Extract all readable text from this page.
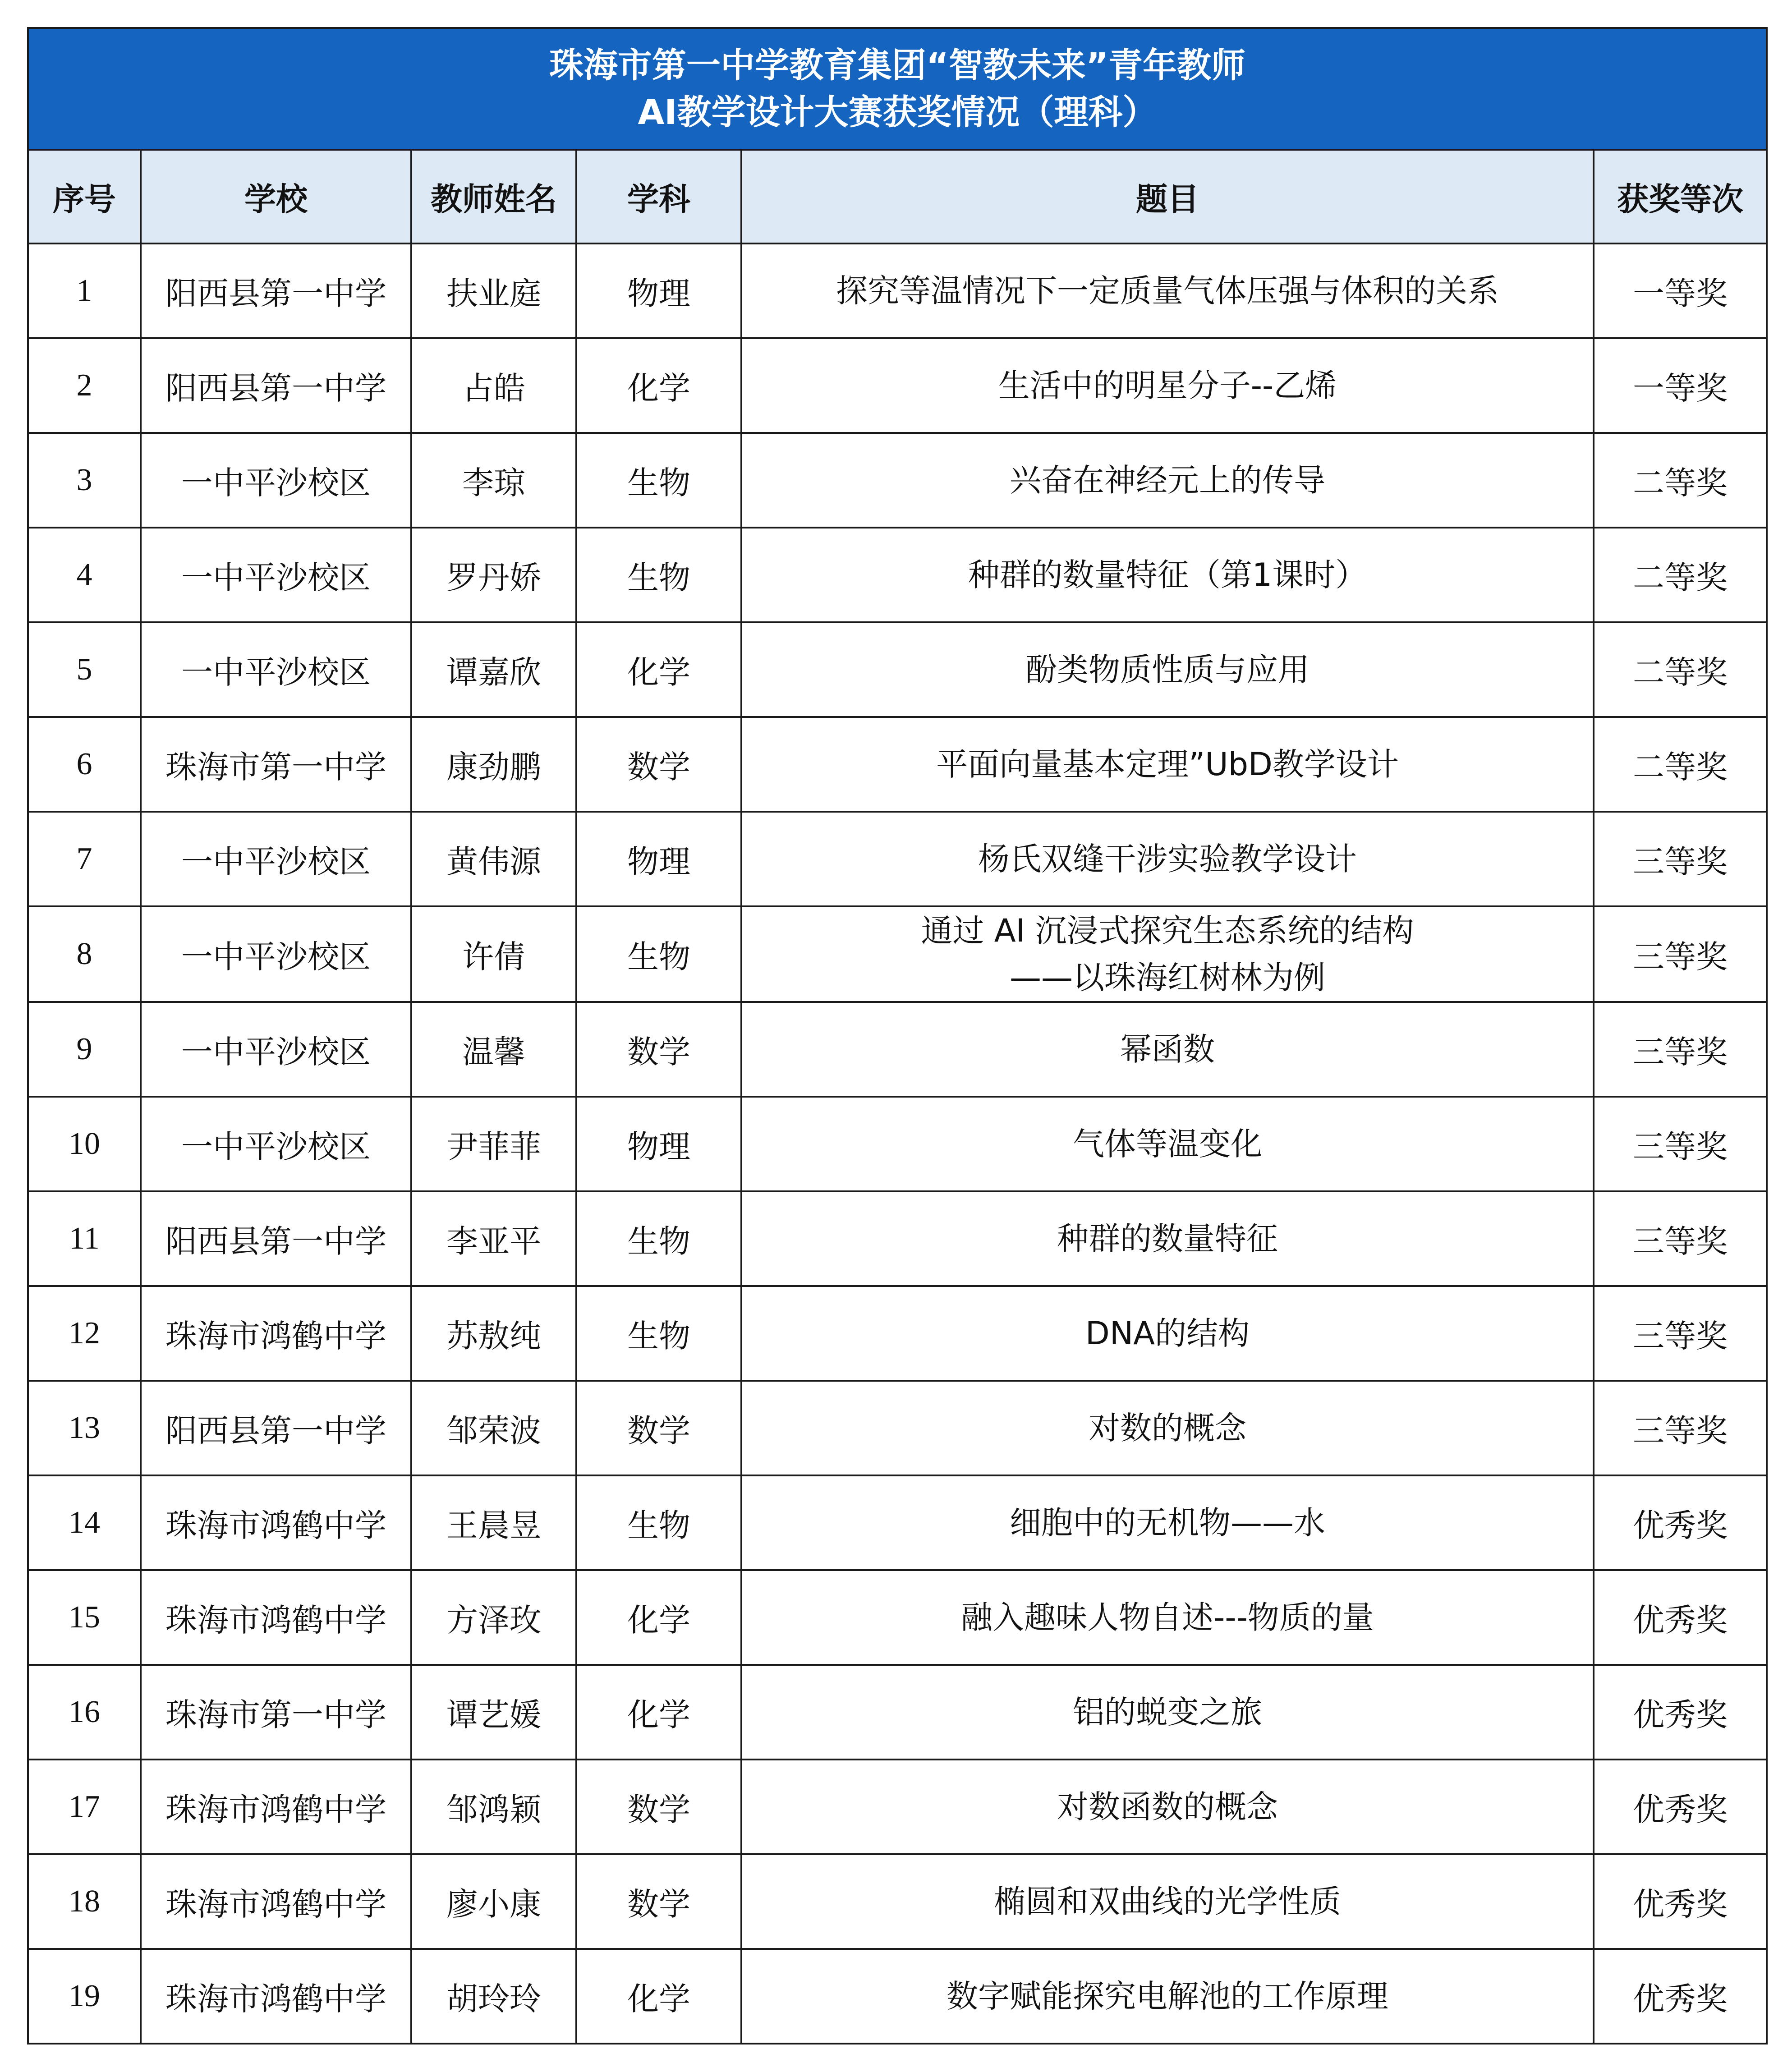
珠海市第一中学教育集团“智教未来”青年教师
AI教学设计大赛获奖情况（理科）					

序号	学校	教师姓名	学科	题目	获奖等次
1	阳西县第一中学	扶业庭	物理	探究等温情况下一定质量气体压强与体积的关系	一等奖
2	阳西县第一中学	占皓	化学	生活中的明星分子--乙烯	一等奖
3	一中平沙校区	李琼	生物	兴奋在神经元上的传导	二等奖
4	一中平沙校区	罗丹娇	生物	种群的数量特征（第1课时）	二等奖
5	一中平沙校区	谭嘉欣	化学	酚类物质性质与应用	二等奖
6	珠海市第一中学	康劲鹏	数学	平面向量基本定理”UbD教学设计	二等奖
7	一中平沙校区	黄伟源	物理	杨氏双缝干涉实验教学设计	三等奖
8	一中平沙校区	许倩	生物	通过 AI 沉浸式探究生态系统的结构
——以珠海红树林为例	三等奖
9	一中平沙校区	温馨	数学	幂函数	三等奖
10	一中平沙校区	尹菲菲	物理	气体等温变化	三等奖
11	阳西县第一中学	李亚平	生物	种群的数量特征	三等奖
12	珠海市鸿鹤中学	苏敖纯	生物	DNA的结构	三等奖
13	阳西县第一中学	邹荣波	数学	对数的概念	三等奖
14	珠海市鸿鹤中学	王晨昱	生物	细胞中的无机物——水	优秀奖
15	珠海市鸿鹤中学	方泽玫	化学	融入趣味人物自述---物质的量	优秀奖
16	珠海市第一中学	谭艺媛	化学	铝的蜕变之旅	优秀奖
17	珠海市鸿鹤中学	邹鸿颖	数学	对数函数的概念	优秀奖
18	珠海市鸿鹤中学	廖小康	数学	椭圆和双曲线的光学性质	优秀奖
19	珠海市鸿鹤中学	胡玲玲	化学	数字赋能探究电解池的工作原理	优秀奖
